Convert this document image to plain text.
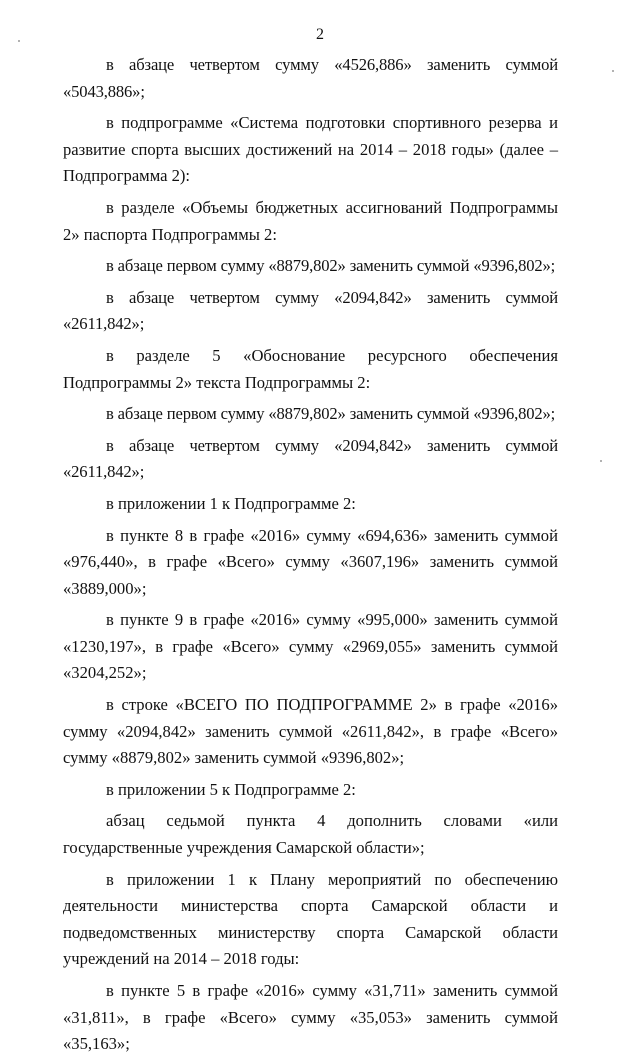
2

в абзаце четвертом сумму «4526,886» заменить суммой «5043,886»;

в подпрограмме «Система подготовки спортивного резерва и развитие спорта высших достижений на 2014 – 2018 годы» (далее – Подпрограмма 2):

в разделе «Объемы бюджетных ассигнований Подпрограммы 2» паспорта Подпрограммы 2:

в абзаце первом сумму «8879,802» заменить суммой «9396,802»;

в абзаце четвертом сумму «2094,842» заменить суммой «2611,842»;

в разделе 5 «Обоснование ресурсного обеспечения Подпрограммы 2» текста Подпрограммы 2:

в абзаце первом сумму «8879,802» заменить суммой «9396,802»;

в абзаце четвертом сумму «2094,842» заменить суммой «2611,842»;

в приложении 1 к Подпрограмме 2:

в пункте 8 в графе «2016» сумму «694,636» заменить суммой «976,440», в графе «Всего» сумму «3607,196» заменить суммой «3889,000»;

в пункте 9 в графе «2016» сумму «995,000» заменить суммой «1230,197», в графе «Всего» сумму «2969,055» заменить суммой «3204,252»;

в строке «ВСЕГО ПО ПОДПРОГРАММЕ 2» в графе «2016» сумму «2094,842» заменить суммой «2611,842», в графе «Всего» сумму «8879,802» заменить суммой «9396,802»;

в приложении 5 к Подпрограмме 2:

абзац седьмой пункта 4 дополнить словами «или государственные учреждения Самарской области»;

в приложении 1 к Плану мероприятий по обеспечению деятельности министерства спорта Самарской области и подведомственных министерству спорта Самарской области учреждений на 2014 – 2018 годы:

в пункте 5 в графе «2016» сумму «31,711» заменить суммой «31,811», в графе «Всего» сумму «35,053» заменить суммой «35,163»;
